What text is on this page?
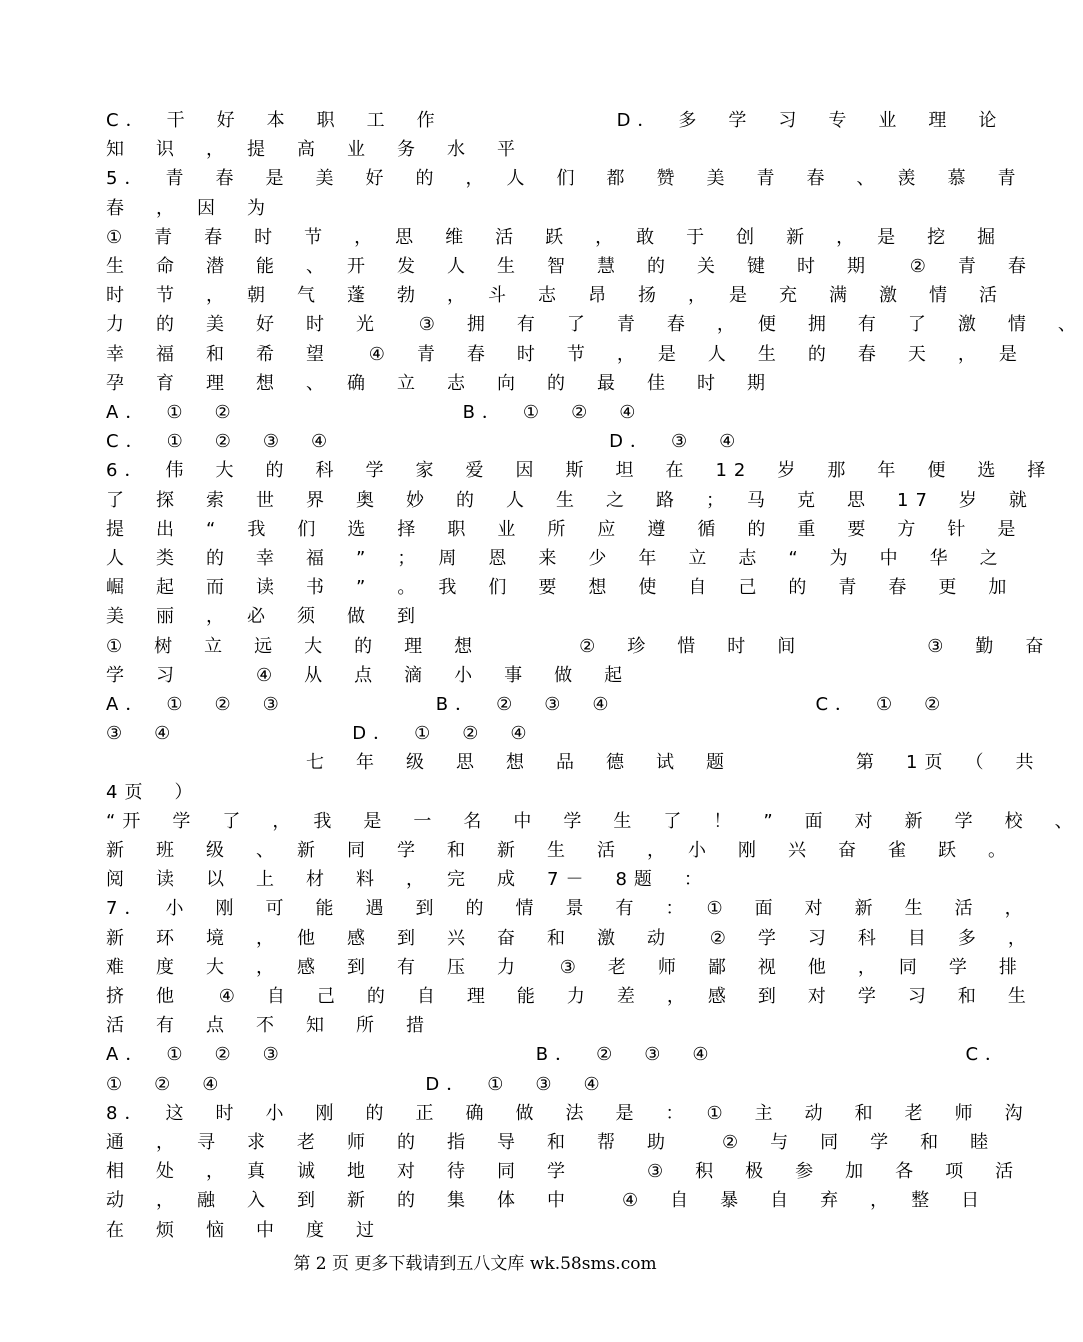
C．　干　好　本　职　工　作　　　　　　　D．　多　学　习　专　业　理　论
知　识　，　提　高　业　务　水　平
5．　青　春　是　美　好　的　，　人　们　都　赞　美　青　春　、　羡　慕　青
春　，　因　为
①　青　春　时　节　，　思　维　活　跃　，　敢　于　创　新　，　是　挖　掘
生　命　潜　能　、　开　发　人　生　智　慧　的　关　键　时　期　 ②　青　春
时　节　，　朝　气　蓬　勃　，　斗　志　昂　扬　，　是　充　满　激　情　活
力　的　美　好　时　光　 ③　拥　有　了　青　春　，　便　拥　有　了　激　情　、
幸　福　和　希　望　 ④　青　春　时　节　，　是　人　生　的　春　天　，　是
孕　育　理　想　、　确　立　志　向　的　最　佳　时　期
A．　①　②　　　　　　　　　B．　①　②　④
C．　①　②　③　④　　　　　　　　　　　D．　③　④
6．　伟　大　的　科　学　家　爱　因　斯　坦　在　12　岁　那　年　便　选　择
了　探　索　世　界　奥　妙　的　人　生　之　路　；　马　克　思　17　岁　就
提　出　“　我　们　选　择　职　业　所　应　遵　循　的　重　要　方　针　是
人　类　的　幸　福　”　；　周　恩　来　少　年　立　志　“　为　中　华　之
崛　起　而　读　书　”　。　我　们　要　想　使　自　己　的　青　春　更　加
美　丽　，　必　须　做　到
①　树　立　远　大　的　理　想　　　　②　珍　惜　时　间　　　　　③　勤　奋
学　习　　　④　从　点　滴　小　事　做　起
A．　①　②　③　　　　　　B．　②　③　④　　　　　　　　C．　①　②
③　④　　　　　　　D．　①　②　④
　　　　　　　　七　年　级　思　想　品　德　试　题　　　　　第　1页　（　共
4页　）
“开　学　了　，　我　是　一　名　中　学　生　了　！　”　面　对　新　学　校　、
新　班　级　、　新　同　学　和　新　生　活　，　小　刚　兴　奋　雀　跃　。
阅　读　以　上　材　料　，　完　成　7－　8题　：
7．　小　刚　可　能　遇　到　的　情　景　有　：　①　面　对　新　生　活　，
新　环　境　，　他　感　到　兴　奋　和　激　动　 ②　学　习　科　目　多　，
难　度　大　，　感　到　有　压　力　 ③　老　师　鄙　视　他　，　同　学　排
挤　他　 ④　自　己　的　自　理　能　力　差　，　感　到　对　学　习　和　生
活　有　点　不　知　所　措
A．　①　②　③　　　　　　　　　　B．　②　③　④　　　　　　　　　　C．
①　②　④　　　　　　　　D．　①　③　④
8．　这　时　小　刚　的　正　确　做　法　是　：　①　主　动　和　老　师　沟
通　，　寻　求　老　师　的　指　导　和　帮　助　　②　与　同　学　和　睦
相　处　，　真　诚　地　对　待　同　学　　　③　积　极　参　加　各　项　活
动　，　融　入　到　新　的　集　体　中　　④　自　暴　自　弃　，　整　日
在　烦　恼　中　度　过
第 2 页 更多下载请到五八文库 wk.58sms.com
